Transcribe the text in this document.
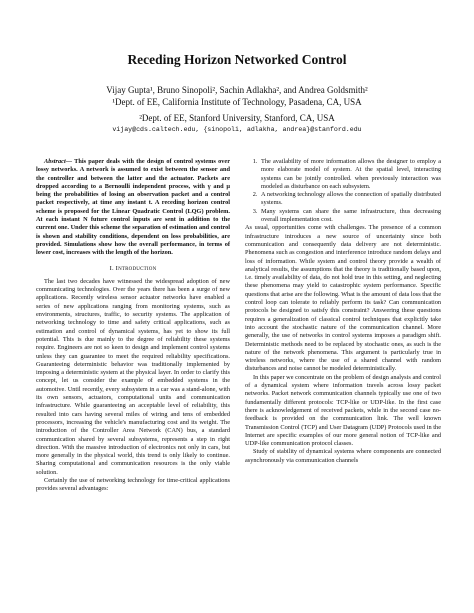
Receding Horizon Networked Control
Vijay Gupta¹, Bruno Sinopoli², Sachin Adlakha², and Andrea Goldsmith²
¹Dept. of EE, California Institute of Technology, Pasadena, CA, USA
²Dept. of EE, Stanford University, Stanford, CA, USA
vijay@cds.caltech.edu, {sinopoli, adlakha, andrea}@stanford.edu

Abstract— This paper deals with the design of control systems over lossy networks. A network is assumed to exist between the sensor and the controller and between the latter and the actuator. Packets are dropped according to a Bernoulli independent process, with γ and µ being the probabilities of losing an observation packet and a control packet respectively, at time any instant t. A receding horizon control scheme is proposed for the Linear Quadratic Control (LQG) problem. At each instant N future control inputs are sent in addition to the current one. Under this scheme the separation of estimation and control is shown and stability conditions, dependent on loss probabilities, are provided. Simulations show how the overall performance, in terms of lower cost, increases with the length of the horizon.

I. Introduction

The last two decades have witnessed the widespread adoption of new communicating technologies. Over the years there has been a surge of new applications. Recently wireless sensor actuator networks have enabled a series of new applications ranging from monitoring systems, such as environments, structures, traffic, to security systems. The application of networking technology to time and safety critical applications, such as estimation and control of dynamical systems, has yet to show its full potential. This is due mainly to the degree of reliability these systems require. Engineers are not so keen to design and implement control systems unless they can guarantee to meet the required reliability specifications. Guaranteeing deterministic behavior was traditionally implemented by imposing a deterministic system at the physical layer. In order to clarify this concept, let us consider the example of embedded systems in the automotive. Until recently, every subsystem in a car was a stand-alone, with its own sensors, actuators, computational units and communication infrastructure. While guaranteeing an acceptable level of reliability, this resulted into cars having several miles of wiring and tens of embedded processors, increasing the vehicle's manufacturing cost and its weight. The introduction of the Controller Area Network (CAN) bus, a standard communication shared by several subsystems, represents a step in right direction. With the massive introduction of electronics not only in cars, but more generally in the physical world, this trend is only likely to continue. Sharing computational and communication resources is the only viable solution.

Certainly the use of networking technology for time-critical applications provides several advantages:

1. The availability of more information allows the designer to employ a more elaborate model of system. At the spatial level, interacting systems can be jointly controlled. when previously interaction was modeled as disturbance on each subsystem.
2. A networking technology allows the connection of spatially distributed systems.
3. Many systems can share the same infrastructure, thus decreasing overall implementation cost.

As usual, opportunities come with challenges. The presence of a common infrastructure introduces a new source of uncertainty since both communication and consequently data delivery are not deterministic. Phenomena such as congestion and interference introduce random delays and loss of information. While system and control theory provide a wealth of analytical results, the assumptions that the theory is traditionally based upon, i.e. timely availability of data, do not hold true in this setting, and neglecting these phenomena may yield to catastrophic system performance. Specific questions that arise are the following. What is the amount of data loss that the control loop can tolerate to reliably perform its task? Can communication protocols be designed to satisfy this constraint? Answering these questions requires a generalization of classical control techniques that explicitly take into account the stochastic nature of the communication channel. More generally, the use of networks in control systems imposes a paradigm shift. Deterministic methods need to be replaced by stochastic ones, as such is the nature of the network phenomena. This argument is particularly true in wireless networks, where the use of a shared channel with random disturbances and noise cannot be modeled deterministically.

In this paper we concentrate on the problem of design analysis and control of a dynamical system where information travels across lossy packet networks. Packet network communication channels typically use one of two fundamentally different protocols: TCP-like or UDP-like. In the first case there is acknowledgement of received packets, while in the second case no-feedback is provided on the communication link. The well known Transmission Control (TCP) and User Datagram (UDP) Protocols used in the Internet are specific examples of our more general notion of TCP-like and UDP-like communication protocol classes.

Study of stability of dynamical systems where components are connected asynchronously via communication channels
